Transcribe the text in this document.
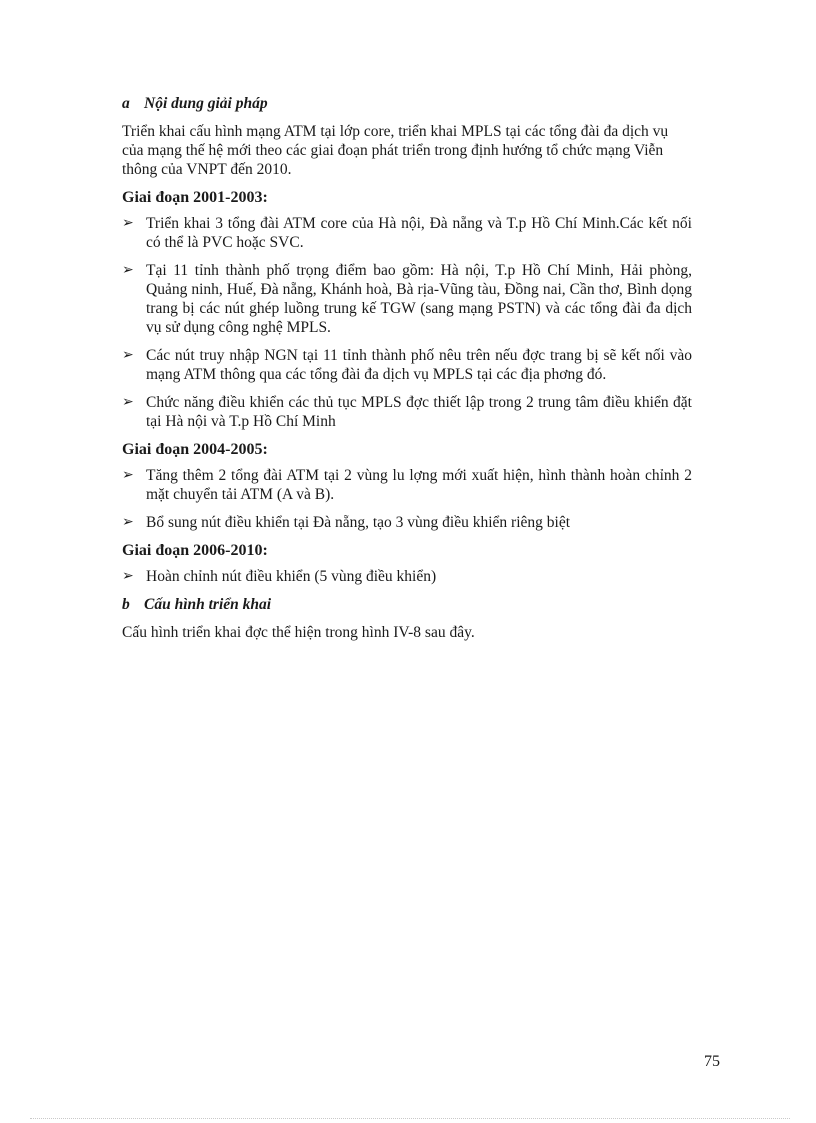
a Nội dung giải pháp

Triển khai cấu hình mạng ATM tại lớp core, triển khai MPLS tại các tổng đài đa dịch vụ của mạng thế hệ mới theo các giai đoạn phát triển trong định hướng tổ chức mạng Viễn thông của VNPT đến 2010.

Giai đoạn 2001-2003:

➢ Triển khai 3 tổng đài ATM core của Hà nội, Đà nẵng và T.p Hồ Chí Minh.Các kết nối có thể là PVC hoặc SVC.
➢ Tại 11 tỉnh thành phố trọng điểm bao gồm: Hà nội, T.p Hồ Chí Minh, Hải phòng, Quảng ninh, Huế, Đà nẵng, Khánh hoà, Bà rịa-Vũng tàu, Đồng nai, Cần thơ, Bình dọng trang bị các nút ghép luồng trung kế TGW (sang mạng PSTN) và các tổng đài đa dịch vụ sử dụng công nghệ MPLS.
➢ Các nút truy nhập NGN tại 11 tỉnh thành phố nêu trên nếu đợc trang bị sẽ kết nối vào mạng ATM thông qua các tổng đài đa dịch vụ MPLS tại các địa phơng đó.
➢ Chức năng điều khiển các thủ tục MPLS đợc thiết lập trong 2 trung tâm điều khiển đặt tại Hà nội và T.p Hồ Chí Minh

Giai đoạn 2004-2005:

➢ Tăng thêm 2 tổng đài ATM tại 2 vùng lu lợng mới xuất hiện, hình thành hoàn chỉnh 2 mặt chuyển tải ATM (A và B).
➢ Bổ sung nút điều khiển tại Đà nẵng, tạo 3 vùng điều khiển riêng biệt

Giai đoạn 2006-2010:

➢ Hoàn chỉnh nút điều khiển (5 vùng điều khiển)

b Cấu hình triển khai

Cấu hình triển khai đợc thể hiện trong hình IV-8 sau đây.

75
